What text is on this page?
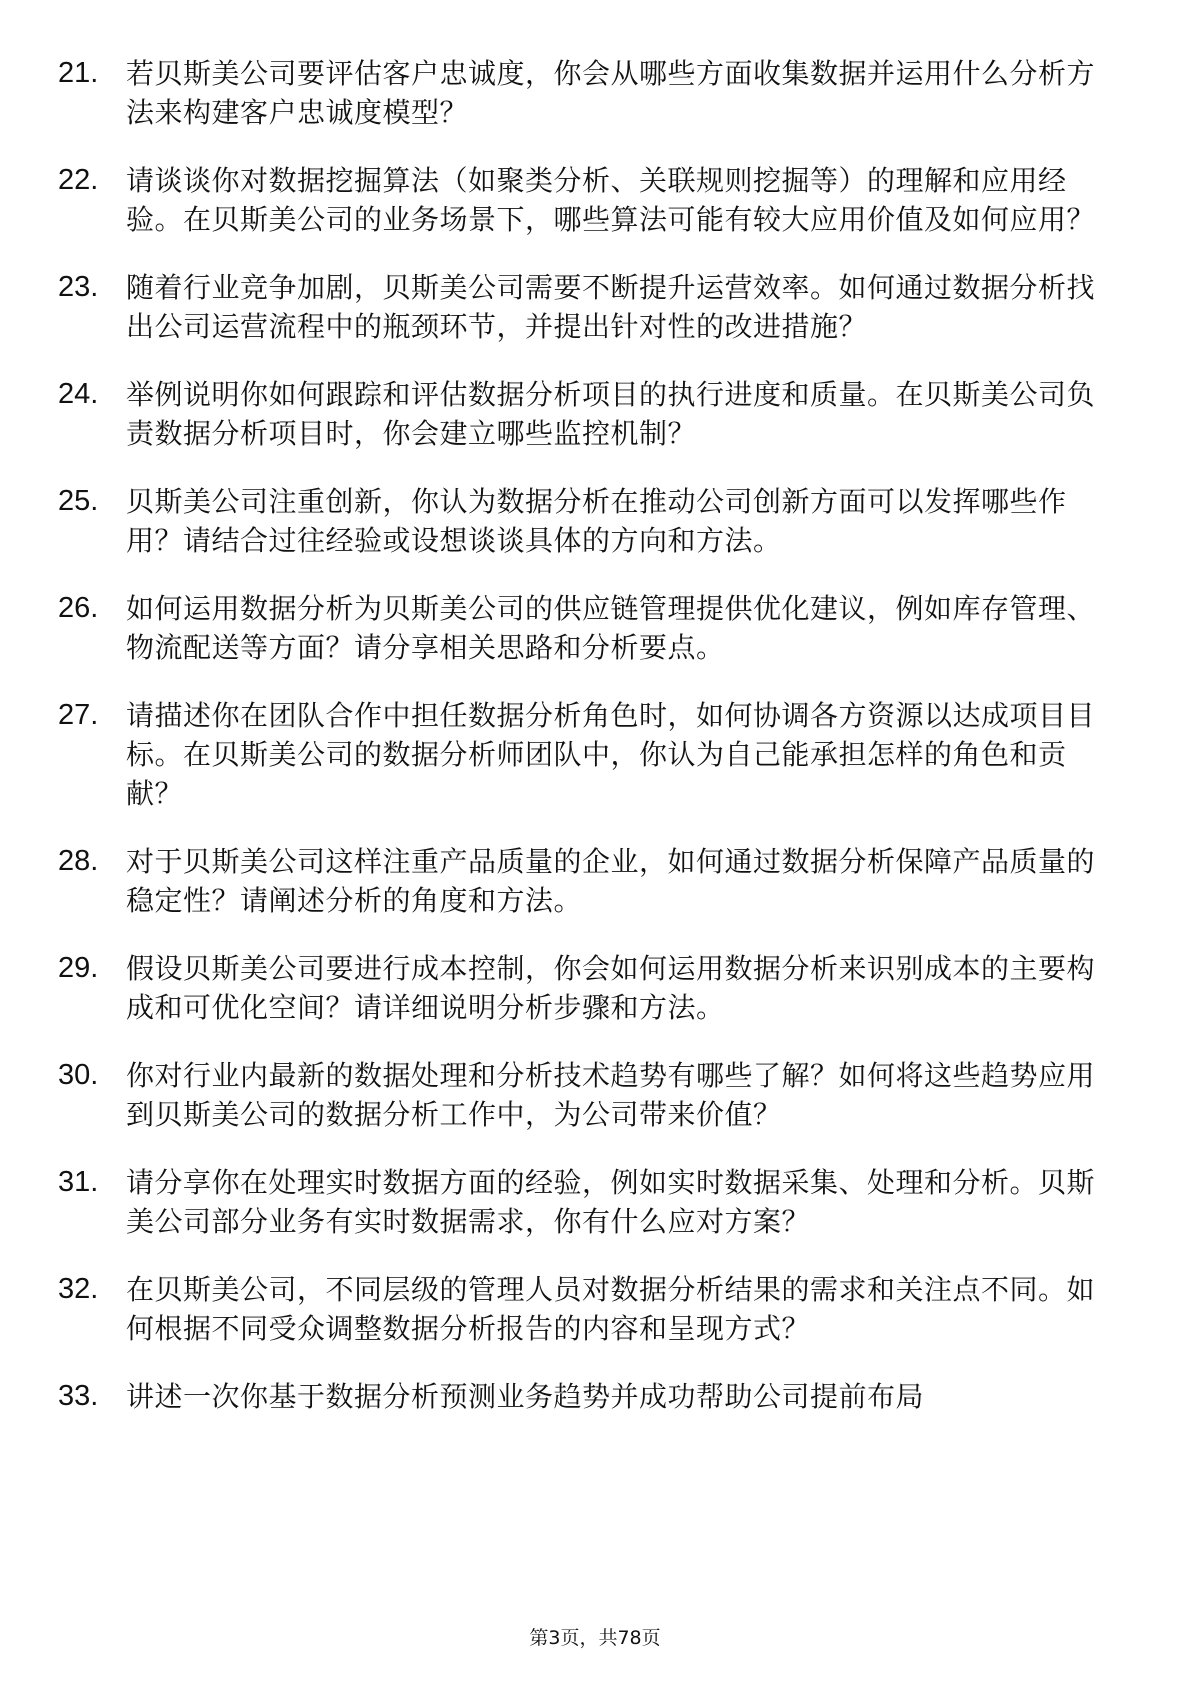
21. 若贝斯美公司要评估客户忠诚度，你会从哪些方面收集数据并运用什么分析方法来构建客户忠诚度模型？
22. 请谈谈你对数据挖掘算法（如聚类分析、关联规则挖掘等）的理解和应用经验。在贝斯美公司的业务场景下，哪些算法可能有较大应用价值及如何应用？
23. 随着行业竞争加剧，贝斯美公司需要不断提升运营效率。如何通过数据分析找出公司运营流程中的瓶颈环节，并提出针对性的改进措施？
24. 举例说明你如何跟踪和评估数据分析项目的执行进度和质量。在贝斯美公司负责数据分析项目时，你会建立哪些监控机制？
25. 贝斯美公司注重创新，你认为数据分析在推动公司创新方面可以发挥哪些作用？请结合过往经验或设想谈谈具体的方向和方法。
26. 如何运用数据分析为贝斯美公司的供应链管理提供优化建议，例如库存管理、物流配送等方面？请分享相关思路和分析要点。
27. 请描述你在团队合作中担任数据分析角色时，如何协调各方资源以达成项目目标。在贝斯美公司的数据分析师团队中，你认为自己能承担怎样的角色和贡献？
28. 对于贝斯美公司这样注重产品质量的企业，如何通过数据分析保障产品质量的稳定性？请阐述分析的角度和方法。
29. 假设贝斯美公司要进行成本控制，你会如何运用数据分析来识别成本的主要构成和可优化空间？请详细说明分析步骤和方法。
30. 你对行业内最新的数据处理和分析技术趋势有哪些了解？如何将这些趋势应用到贝斯美公司的数据分析工作中，为公司带来价值？
31. 请分享你在处理实时数据方面的经验，例如实时数据采集、处理和分析。贝斯美公司部分业务有实时数据需求，你有什么应对方案？
32. 在贝斯美公司，不同层级的管理人员对数据分析结果的需求和关注点不同。如何根据不同受众调整数据分析报告的内容和呈现方式？
33. 讲述一次你基于数据分析预测业务趋势并成功帮助公司提前布局
第3页，共78页
